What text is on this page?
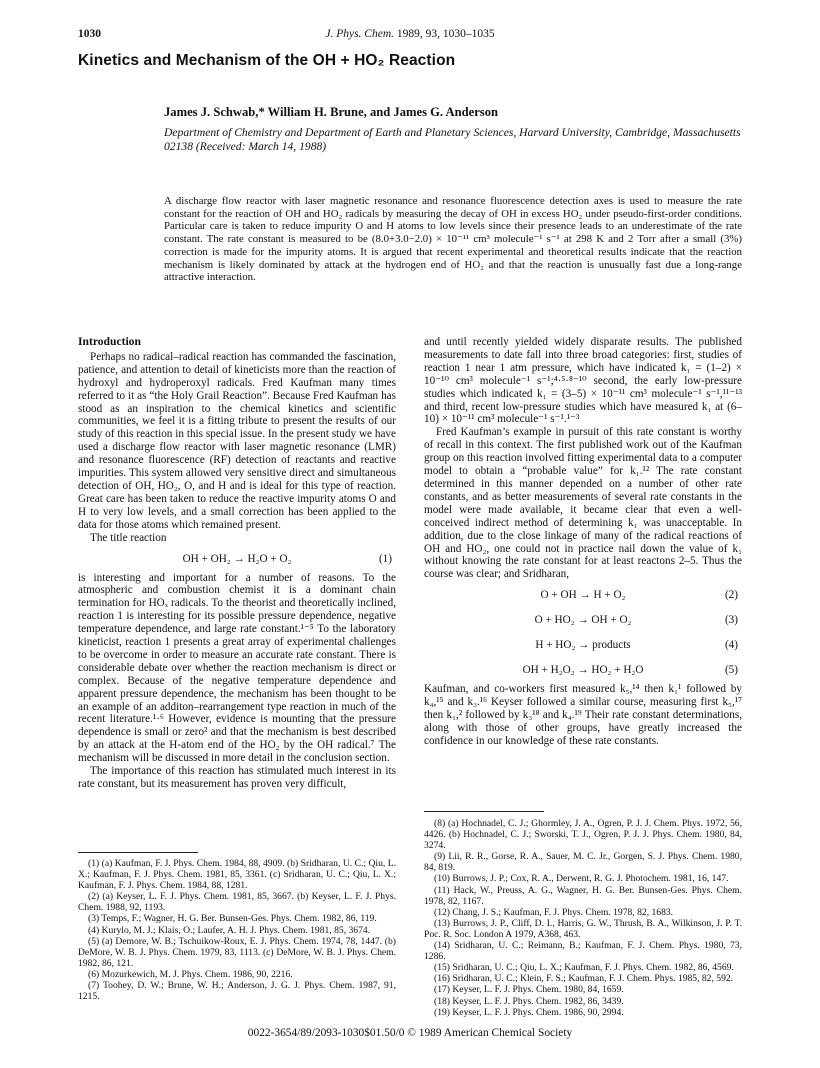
1030	J. Phys. Chem. 1989, 93, 1030–1035
Kinetics and Mechanism of the OH + HO₂ Reaction
James J. Schwab,* William H. Brune, and James G. Anderson
Department of Chemistry and Department of Earth and Planetary Sciences, Harvard University, Cambridge, Massachusetts 02138 (Received: March 14, 1988)

A discharge flow reactor with laser magnetic resonance and resonance fluorescence detection axes is used to measure the rate constant for the reaction of OH and HO₂ radicals by measuring the decay of OH in excess HO₂ under pseudo-first-order conditions. Particular care is taken to reduce impurity O and H atoms to low levels since their presence leads to an underestimate of the rate constant. The rate constant is measured to be (8.0+3.0−2.0) × 10⁻¹¹ cm³ molecule⁻¹ s⁻¹ at 298 K and 2 Torr after a small (3%) correction is made for the impurity atoms. It is argued that recent experimental and theoretical results indicate that the reaction mechanism is likely dominated by attack at the hydrogen end of HO₂ and that the reaction is unusually fast due a long-range attractive interaction.

Introduction

Perhaps no radical–radical reaction has commanded the fascination, patience, and attention to detail of kineticists more than the reaction of hydroxyl and hydroperoxyl radicals. Fred Kaufman many times referred to it as “the Holy Grail Reaction”. Because Fred Kaufman has stood as an inspiration to the chemical kinetics and scientific communities, we feel it is a fitting tribute to present the results of our study of this reaction in this special issue. In the present study we have used a discharge flow reactor with laser magnetic resonance (LMR) and resonance fluorescence (RF) detection of reactants and reactive impurities. This system allowed very sensitive direct and simultaneous detection of OH, HO₂, O, and H and is ideal for this type of reaction. Great care has been taken to reduce the reactive impurity atoms O and H to very low levels, and a small correction has been applied to the data for those atoms which remained present.

The title reaction

OH + OH₂ → H₂O + O₂	(1)

is interesting and important for a number of reasons. To the atmospheric and combustion chemist it is a dominant chain termination for HOₓ radicals. To the theorist and theoretically inclined, reaction 1 is interesting for its possible pressure dependence, negative temperature dependence, and large rate constant.¹⁻⁵ To the laboratory kineticist, reaction 1 presents a great array of experimental challenges to be overcome in order to measure an accurate rate constant. There is considerable debate over whether the reaction mechanism is direct or complex. Because of the negative temperature dependence and apparent pressure dependence, the mechanism has been thought to be an example of an additon–rearrangement type reaction in much of the recent literature.¹·⁶ However, evidence is mounting that the pressure dependence is small or zero² and that the mechanism is best described by an attack at the H-atom end of the HO₂ by the OH radical.⁷ The mechanism will be discussed in more detail in the conclusion section.

The importance of this reaction has stimulated much interest in its rate constant, but its measurement has proven very difficult,

and until recently yielded widely disparate results. The published measurements to date fall into three broad categories: first, studies of reaction 1 near 1 atm pressure, which have indicated k₁ = (1–2) × 10⁻¹⁰ cm³ molecule⁻¹ s⁻¹;⁴·⁵·⁸⁻¹⁰ second, the early low-pressure studies which indicated k₁ = (3–5) × 10⁻¹¹ cm³ molecule⁻¹ s⁻¹,¹¹⁻¹³ and third, recent low-pressure studies which have measured k₁ at (6–10) × 10⁻¹¹ cm³ molecule⁻¹ s⁻¹.¹⁻³

Fred Kaufman’s example in pursuit of this rate constant is worthy of recall in this context. The first published work out of the Kaufman group on this reaction involved fitting experimental data to a computer model to obtain a “probable value” for k₁.¹² The rate constant determined in this manner depended on a number of other rate constants, and as better measurements of several rate constants in the model were made available, it became clear that even a well-conceived indirect method of determining k₁ was unacceptable. In addition, due to the close linkage of many of the radical reactions of OH and HO₂, one could not in practice nail down the value of k₁ without knowing the rate constant for at least reactons 2–5. Thus the course was clear; and Sridharan,

O + OH → H + O₂	(2)
O + HO₂ → OH + O₂	(3)
H + HO₂ → products	(4)
OH + H₂O₂ → HO₂ + H₂O	(5)

Kaufman, and co-workers first measured k₅,¹⁴ then k₁¹ followed by k₄,¹⁵ and k₃.¹⁶ Keyser followed a similar course, measuring first k₅,¹⁷ then k₁,² followed by k₃¹⁸ and k₄.¹⁹ Their rate constant determinations, along with those of other groups, have greatly increased the confidence in our knowledge of these rate constants.

(1) (a) Kaufman, F. J. Phys. Chem. 1984, 88, 4909. (b) Sridharan, U. C.; Qiu, L. X.; Kaufman, F. J. Phys. Chem. 1981, 85, 3361. (c) Sridharan, U. C.; Qiu, L. X.; Kaufman, F. J. Phys. Chem. 1984, 88, 1281.
(2) (a) Keyser, L. F. J. Phys. Chem. 1981, 85, 3667. (b) Keyser, L. F. J. Phys. Chem. 1988, 92, 1193.
(3) Temps, F.; Wagner, H. G. Ber. Bunsen-Ges. Phys. Chem. 1982, 86, 119.
(4) Kurylo, M. J.; Klais, O.; Laufer, A. H. J. Phys. Chem. 1981, 85, 3674.
(5) (a) Demore, W. B.; Tschuikow-Roux, E. J. Phys. Chem. 1974, 78, 1447. (b) DeMore, W. B. J. Phys. Chem. 1979, 83, 1113. (c) DeMore, W. B. J. Phys. Chem. 1982, 86, 121.
(6) Mozurkewich, M. J. Phys. Chem. 1986, 90, 2216.
(7) Toohey, D. W.; Brune, W. H.; Anderson, J. G. J. Phys. Chem. 1987, 91, 1215.
(8) (a) Hochnadel, C. J.; Ghormley, J. A., Ogren, P. J. J. Chem. Phys. 1972, 56, 4426. (b) Hochnadel, C. J.; Sworski, T. J., Ogren, P. J. J. Phys. Chem. 1980, 84, 3274.
(9) Lii, R. R., Gorse, R. A., Sauer, M. C. Jr., Gorgen, S. J. Phys. Chem. 1980, 84, 819.
(10) Burrows, J. P.; Cox, R. A., Derwent, R. G. J. Photochem. 1981, 16, 147.
(11) Hack, W., Preuss, A. G., Wagner, H. G. Ber. Bunsen-Ges. Phys. Chem. 1978, 82, 1167.
(12) Chang, J. S.; Kaufman, F. J. Phys. Chem. 1978, 82, 1683.
(13) Burrows, J. P., Cliff, D. I., Harris, G. W., Thrush, B. A., Wilkinson, J. P. T. Poc. R. Soc. London A 1979, A368, 463.
(14) Sridharan, U. C.; Reimann, B.; Kaufman, F. J. Chem. Phys. 1980, 73, 1286.
(15) Sridharan, U. C.; Qiu, L. X.; Kaufman, F. J. Phys. Chem. 1982, 86, 4569.
(16) Sridharan, U. C.; Klein, F. S.; Kaufman, F. J. Chem. Phys. 1985, 82, 592.
(17) Keyser, L. F. J. Phys. Chem. 1980, 84, 1659.
(18) Keyser, L. F. J. Phys. Chem. 1982, 86, 3439.
(19) Keyser, L. F. J. Phys. Chem. 1986, 90, 2994.
0022-3654/89/2093-1030$01.50/0 © 1989 American Chemical Society
